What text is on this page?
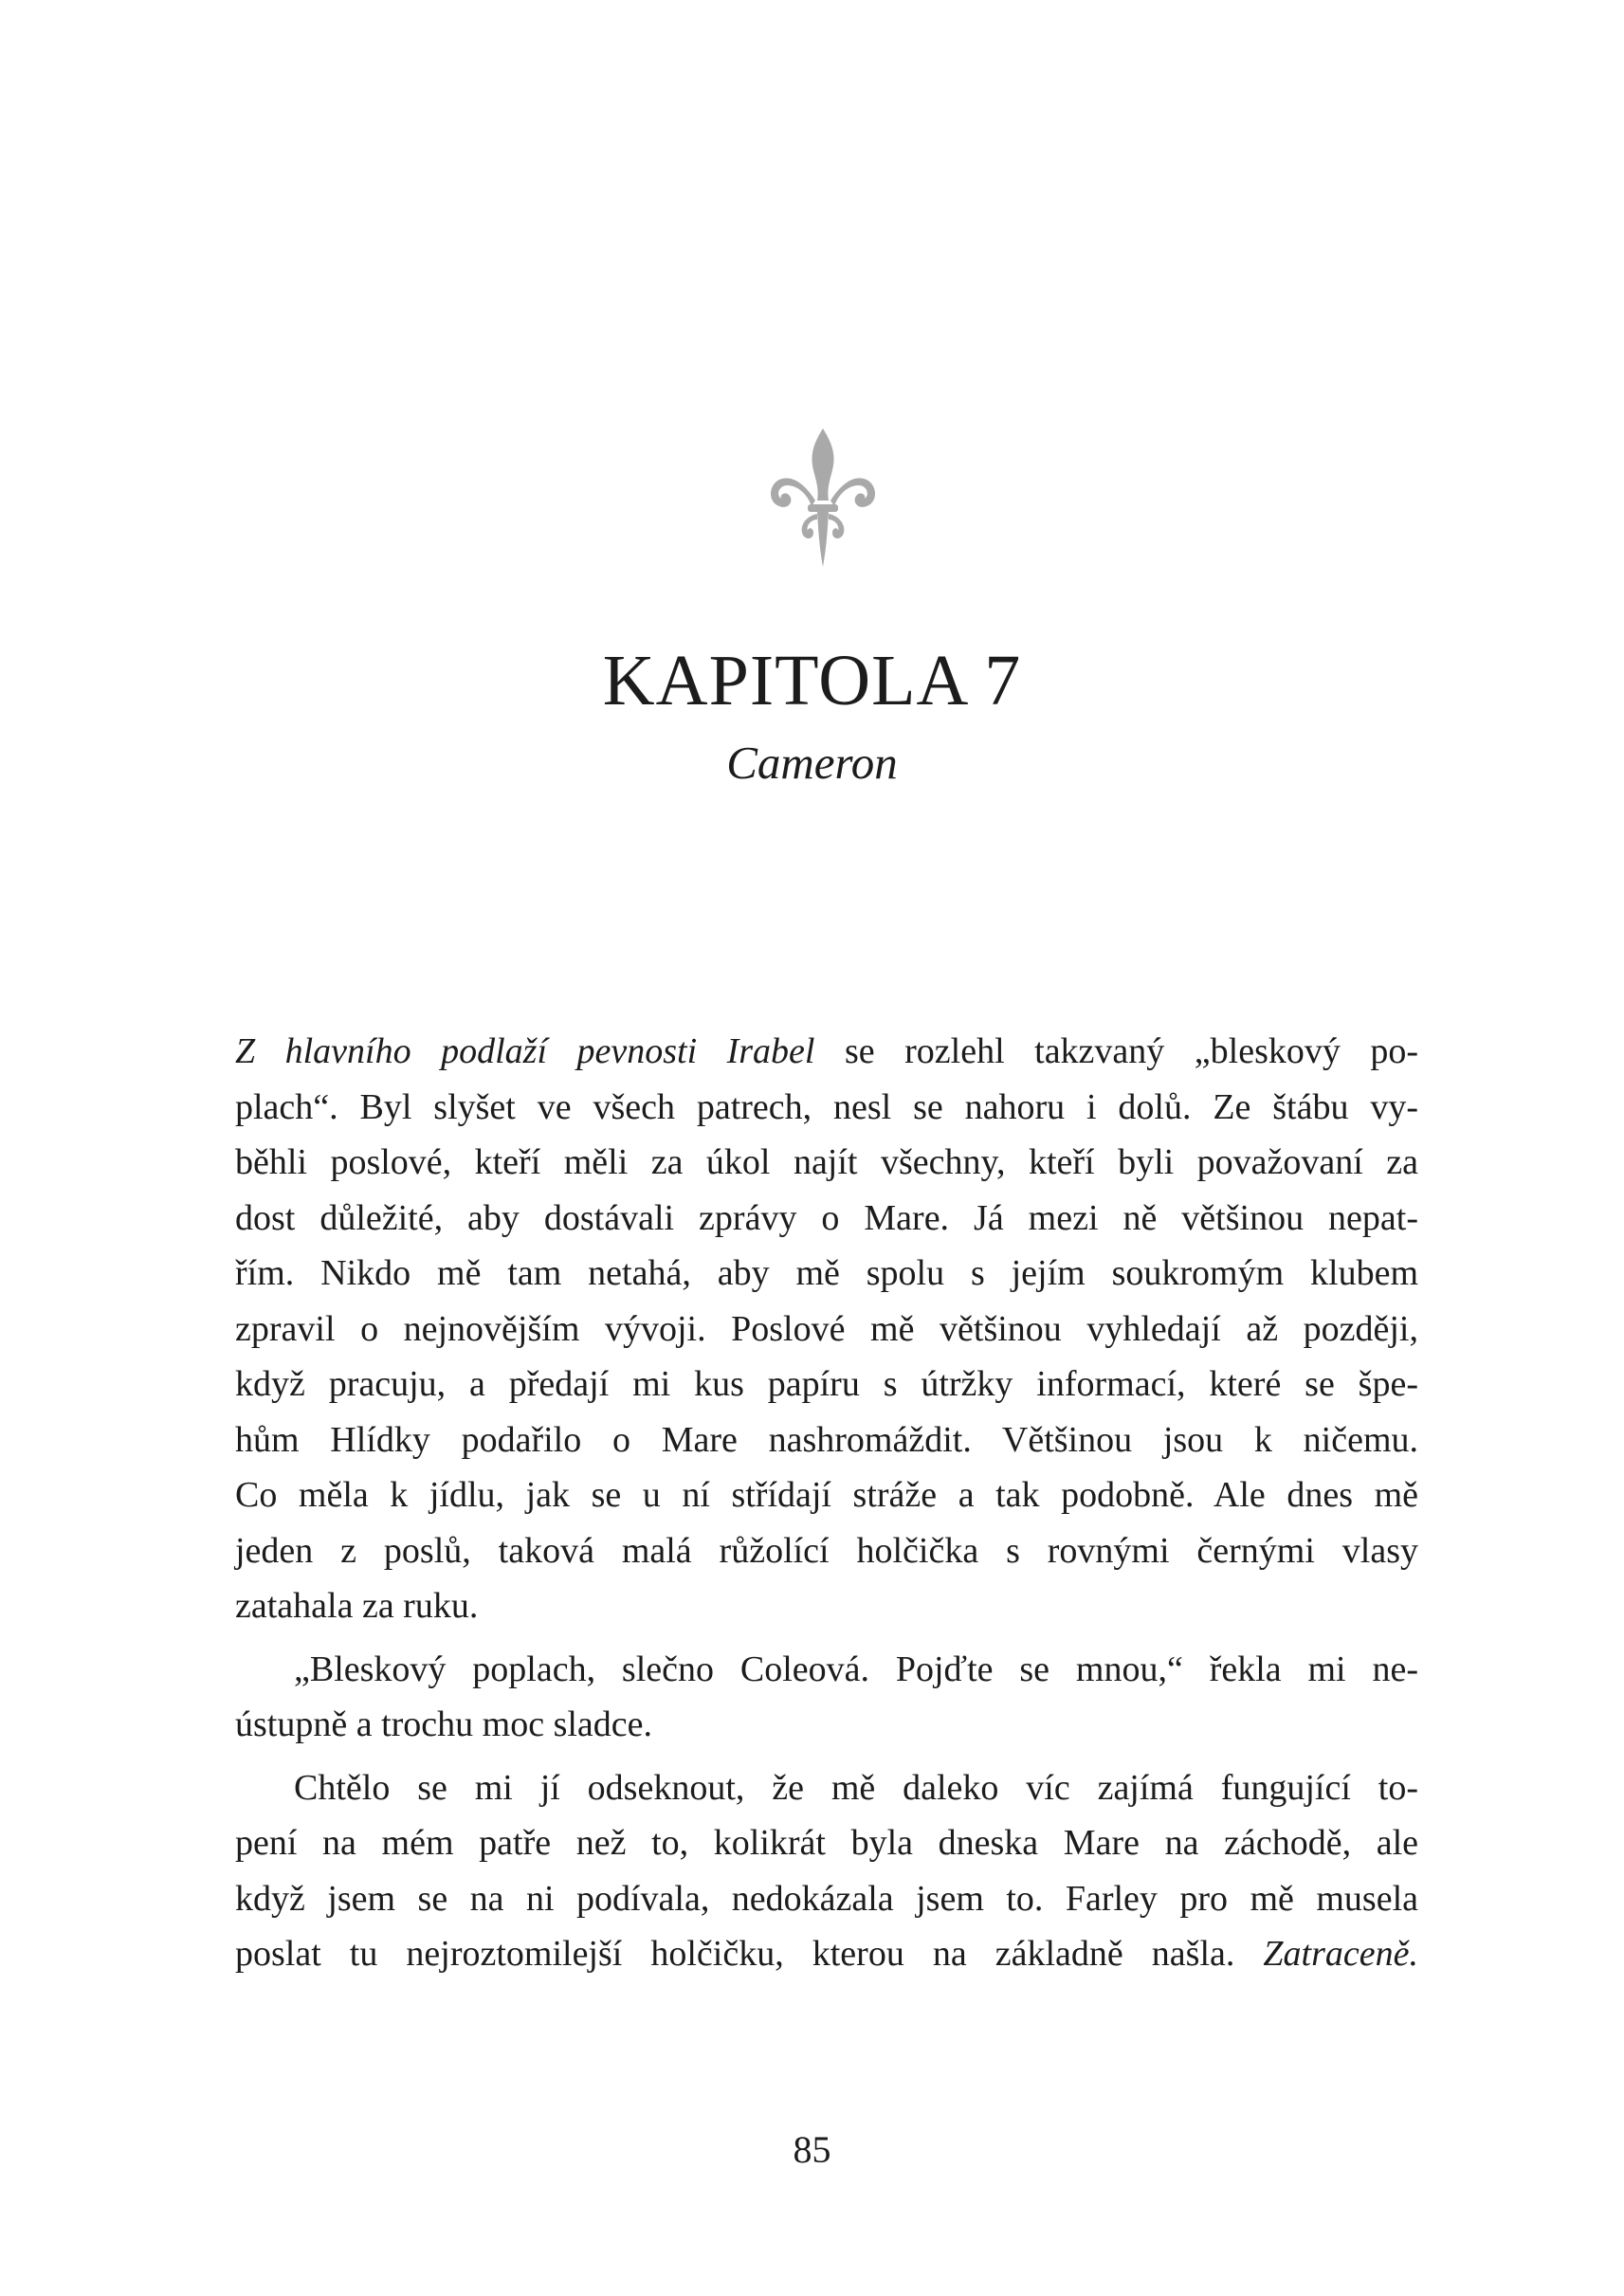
KAPITOLA 7
Cameron
Z hlavního podlaží pevnosti Irabel se rozlehl takzvaný „bleskový po-
plach“. Byl slyšet ve všech patrech, nesl se nahoru i dolů. Ze štábu vy-
běhli poslové, kteří měli za úkol najít všechny, kteří byli považovaní za
dost důležité, aby dostávali zprávy o Mare. Já mezi ně většinou nepat-
řím. Nikdo mě tam netahá, aby mě spolu s jejím soukromým klubem
zpravil o nejnovějším vývoji. Poslové mě většinou vyhledají až později,
když pracuju, a předají mi kus papíru s útržky informací, které se špe-
hům Hlídky podařilo o Mare nashromáždit. Většinou jsou k ničemu.
Co měla k jídlu, jak se u ní střídají stráže a tak podobně. Ale dnes mě
jeden z poslů, taková malá růžolící holčička s rovnými černými vlasy
zatahala za ruku.
„Bleskový poplach, slečno Coleová. Pojďte se mnou,“ řekla mi ne-
ústupně a trochu moc sladce.
Chtělo se mi jí odseknout, že mě daleko víc zajímá fungující to-
pení na mém patře než to, kolikrát byla dneska Mare na záchodě, ale
když jsem se na ni podívala, nedokázala jsem to. Farley pro mě musela
poslat tu nejroztomilejší holčičku, kterou na základně našla. Zatraceně.
85
